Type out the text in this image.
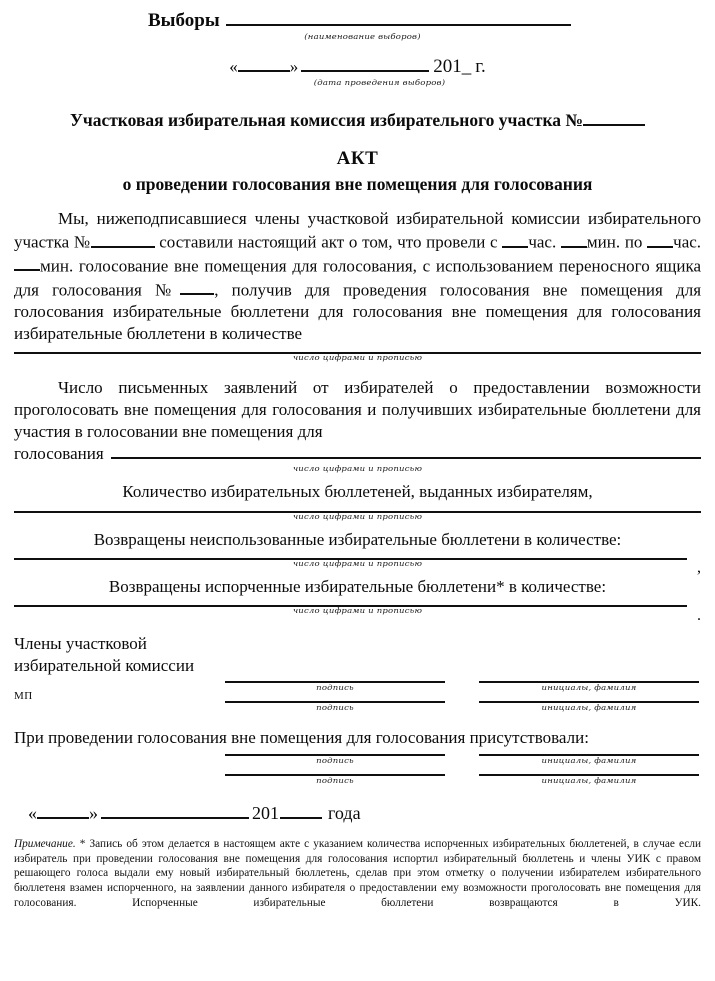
Выборы
(наименование выборов)
«	»	201_ г.
(дата проведения выборов)
Участковая избирательная комиссия избирательного участка №
АКТ
о проведении голосования вне помещения для голосования
Мы, нижеподписавшиеся члены участковой избирательной комиссии избирательного участка №	составили настоящий акт о том, что провели с час. мин. по час. мин. голосование вне помещения для голосования, с использованием переносного ящика для голосования № , получив для проведения голосования вне помещения для голосования избирательные бюллетени для голосования вне помещения для голосования избирательные бюллетени в количестве
число цифрами и прописью
Число письменных заявлений от избирателей о предоставлении возможности проголосовать вне помещения для голосования и получивших избирательные бюллетени для участия в голосовании вне помещения для
голосования
число цифрами и прописью
Количество избирательных бюллетеней, выданных избирателям,
число цифрами и прописью
Возвращены неиспользованные избирательные бюллетени в количестве:
,
число цифрами и прописью
Возвращены испорченные избирательные бюллетени* в количестве:
.
число цифрами и прописью
Члены участковой
избирательной комиссии
МП
подпись	инициалы, фамилия
подпись	инициалы, фамилия
При проведении голосования вне помещения для голосования присутствовали:
подпись	инициалы, фамилия
подпись	инициалы, фамилия
«	»	201	года
Примечание. * Запись об этом делается в настоящем акте с указанием количества испорченных избирательных бюллетеней, в случае если избиратель при проведении голосования вне помещения для голосования испортил избирательный бюллетень и члены УИК с правом решающего голоса выдали ему новый избирательный бюллетень, сделав при этом отметку о получении избирателем избирательного бюллетеня взамен испорченного, на заявлении данного избирателя о предоставлении ему возможности проголосовать вне помещения для голосования. Испорченные избирательные бюллетени возвращаются в УИК.
